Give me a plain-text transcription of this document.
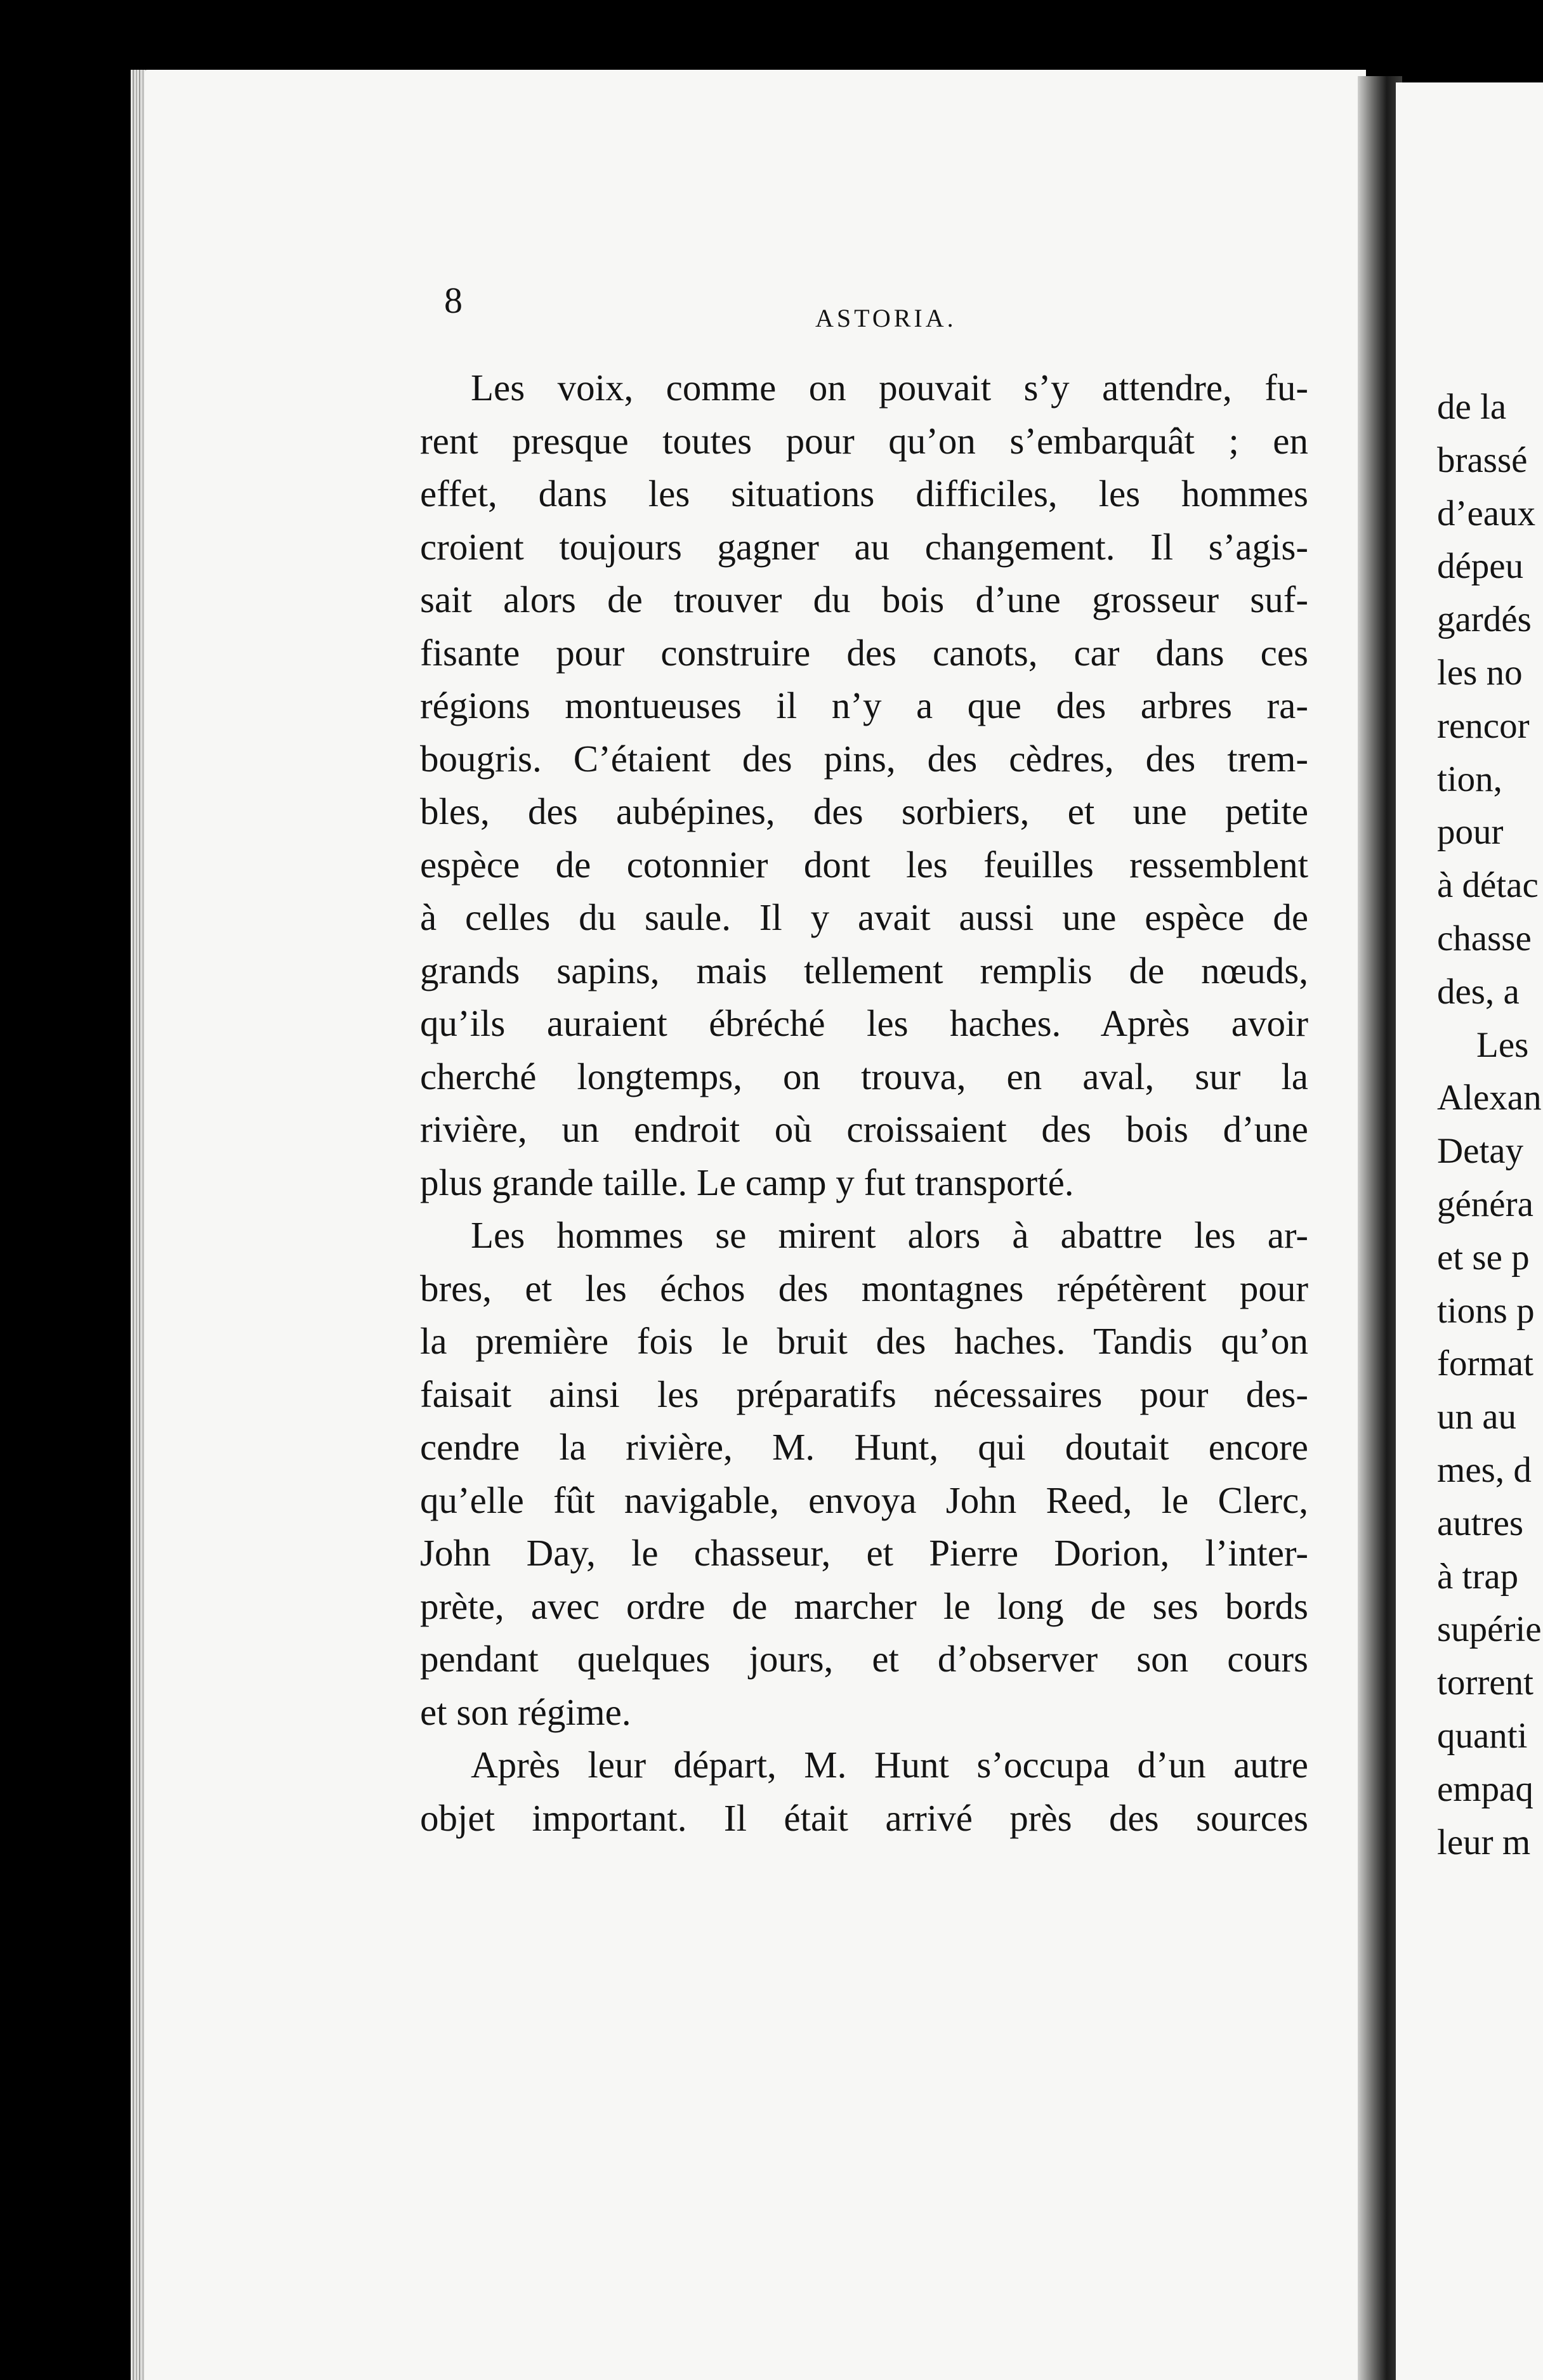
8	ASTORIA.
Les voix, comme on pouvait s’y attendre, fu-
rent presque toutes pour qu’on s’embarquât ; en
effet, dans les situations difficiles, les hommes
croient toujours gagner au changement. Il s’agis-
sait alors de trouver du bois d’une grosseur suf-
fisante pour construire des canots, car dans ces
régions montueuses il n’y a que des arbres ra-
bougris. C’étaient des pins, des cèdres, des trem-
bles, des aubépines, des sorbiers, et une petite
espèce de cotonnier dont les feuilles ressemblent
à celles du saule. Il y avait aussi une espèce de
grands sapins, mais tellement remplis de nœuds,
qu’ils auraient ébréché les haches. Après avoir
cherché longtemps, on trouva, en aval, sur la
rivière, un endroit où croissaient des bois d’une
plus grande taille. Le camp y fut transporté.
Les hommes se mirent alors à abattre les ar-
bres, et les échos des montagnes répétèrent pour
la première fois le bruit des haches. Tandis qu’on
faisait ainsi les préparatifs nécessaires pour des-
cendre la rivière, M. Hunt, qui doutait encore
qu’elle fût navigable, envoya John Reed, le Clerc,
John Day, le chasseur, et Pierre Dorion, l’inter-
prète, avec ordre de marcher le long de ses bords
pendant quelques jours, et d’observer son cours
et son régime.
Après leur départ, M. Hunt s’occupa d’un autre
objet important. Il était arrivé près des sources
de la
brassé
d’eaux
dépeu
gardés
les no
rencor
tion,
pour
à détac
chasse
des, a
Les
Alexan
Detay
généra
et se p
tions p
format
un au
mes, d
autres
à trap
supérie
torrent
quanti
empaq
leur m
